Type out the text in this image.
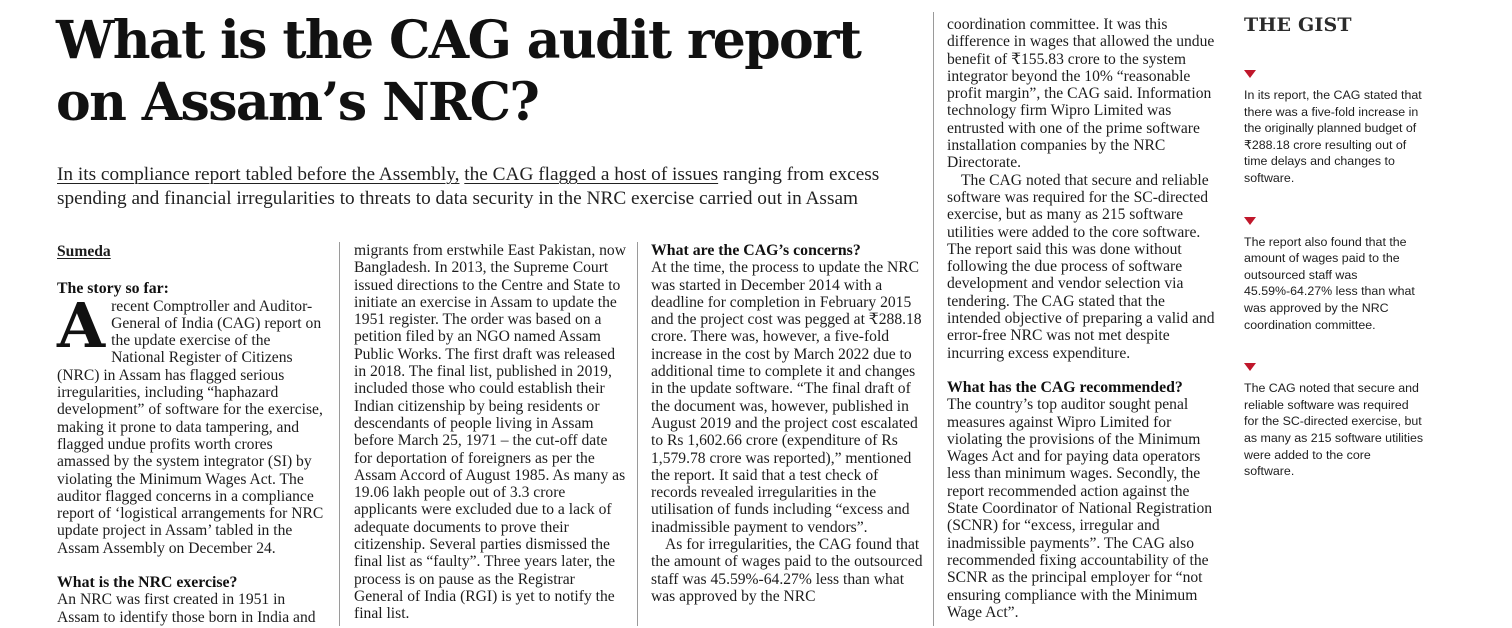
What is the CAG audit report on Assam’s NRC?
In its compliance report tabled before the Assembly, the CAG flagged a host of issues ranging from excess spending and financial irregularities to threats to data security in the NRC exercise carried out in Assam
Sumeda
The story so far:

Arecent Comptroller and Auditor-General of India (CAG) report on the update exercise of the National Register of Citizens (NRC) in Assam has flagged serious irregularities, including “haphazard development” of software for the exercise, making it prone to data tampering, and flagged undue profits worth crores amassed by the system integrator (SI) by violating the Minimum Wages Act. The auditor flagged concerns in a compliance report of ‘logistical arrangements for NRC update project in Assam’ tabled in the Assam Assembly on December 24.

What is the NRC exercise?

An NRC was first created in 1951 in Assam to identify those born in India and

migrants from erstwhile East Pakistan, now Bangladesh. In 2013, the Supreme Court issued directions to the Centre and State to initiate an exercise in Assam to update the 1951 register. The order was based on a petition filed by an NGO named Assam Public Works. The first draft was released in 2018. The final list, published in 2019, included those who could establish their Indian citizenship by being residents or descendants of people living in Assam before March 25, 1971 – the cut-off date for deportation of foreigners as per the Assam Accord of August 1985. As many as 19.06 lakh people out of 3.3 crore applicants were excluded due to a lack of adequate documents to prove their citizenship. Several parties dismissed the final list as “faulty”. Three years later, the process is on pause as the Registrar General of India (RGI) is yet to notify the final list.

What are the CAG’s concerns?

At the time, the process to update the NRC was started in December 2014 with a deadline for completion in February 2015 and the project cost was pegged at ₹288.18 crore. There was, however, a five-fold increase in the cost by March 2022 due to additional time to complete it and changes in the update software. “The final draft of the document was, however, published in August 2019 and the project cost escalated to Rs 1,602.66 crore (expenditure of Rs 1,579.78 crore was reported),” mentioned the report. It said that a test check of records revealed irregularities in the utilisation of funds including “excess and inadmissible payment to vendors”.

As for irregularities, the CAG found that the amount of wages paid to the outsourced staff was 45.59%-64.27% less than what was approved by the NRC

coordination committee. It was this difference in wages that allowed the undue benefit of ₹155.83 crore to the system integrator beyond the 10% “reasonable profit margin”, the CAG said. Information technology firm Wipro Limited was entrusted with one of the prime software installation companies by the NRC Directorate.

The CAG noted that secure and reliable software was required for the SC-directed exercise, but as many as 215 software utilities were added to the core software. The report said this was done without following the due process of software development and vendor selection via tendering. The CAG stated that the intended objective of preparing a valid and error-free NRC was not met despite incurring excess expenditure.

What has the CAG recommended?

The country’s top auditor sought penal measures against Wipro Limited for violating the provisions of the Minimum Wages Act and for paying data operators less than minimum wages. Secondly, the report recommended action against the State Coordinator of National Registration (SCNR) for “excess, irregular and inadmissible payments”. The CAG also recommended fixing accountability of the SCNR as the principal employer for “not ensuring compliance with the Minimum Wage Act”.

THE GIST
In its report, the CAG stated that there was a five-fold increase in the originally planned budget of ₹288.18 crore resulting out of time delays and changes to software.
The report also found that the amount of wages paid to the outsourced staff was 45.59%-64.27% less than what was approved by the NRC coordination committee.
The CAG noted that secure and reliable software was required for the SC-directed exercise, but as many as 215 software utilities were added to the core software.
